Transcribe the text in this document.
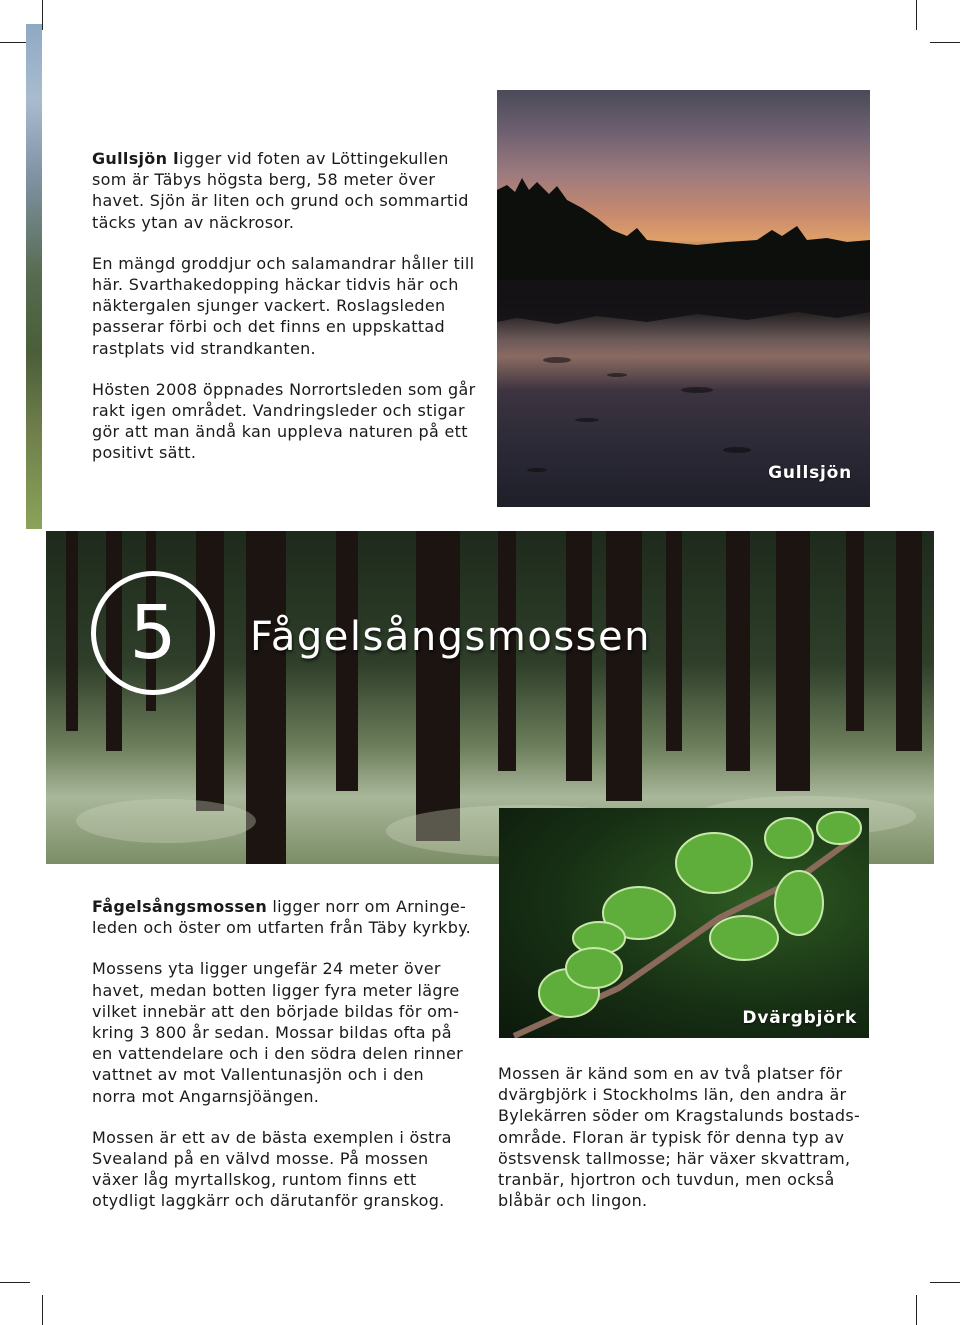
Gullsjön ligger vid foten av Löttingekullen som är Täbys högsta berg, 58 meter över havet. Sjön är liten och grund och sommartid täcks ytan av näckrosor.

En mängd groddjur och salamandrar håller till här. Svarthakedopping häckar tidvis här och näktergalen sjunger vackert. Roslagsleden passerar förbi och det finns en uppskattad rastplats vid strandkanten.

Hösten 2008 öppnades Norrortsleden som går rakt igen området. Vandringsleder och stigar gör att man ändå kan uppleva naturen på ett positivt sätt.

Gullsjön
5 Fågelsångsmossen
Dvärgbjörk

Fågelsångsmossen ligger norr om Arninge-leden och öster om utfarten från Täby kyrkby.

Mossens yta ligger ungefär 24 meter över havet, medan botten ligger fyra meter lägre vilket innebär att den började bildas för om-kring 3 800 år sedan. Mossar bildas ofta på en vattendelare och i den södra delen rinner vattnet av mot Vallentunasjön och i den norra mot Angarnsjöängen.

Mossen är ett av de bästa exemplen i östra Svealand på en välvd mosse. På mossen växer låg myrtallskog, runtom finns ett otydligt laggkärr och därutanför granskog.

Mossen är känd som en av två platser för dvärgbjörk i Stockholms län, den andra är Bylekärren söder om Kragstalunds bostads-område. Floran är typisk för denna typ av östsvensk tallmosse; här växer skvattram, tranbär, hjortron och tuvdun, men också blåbär och lingon.
